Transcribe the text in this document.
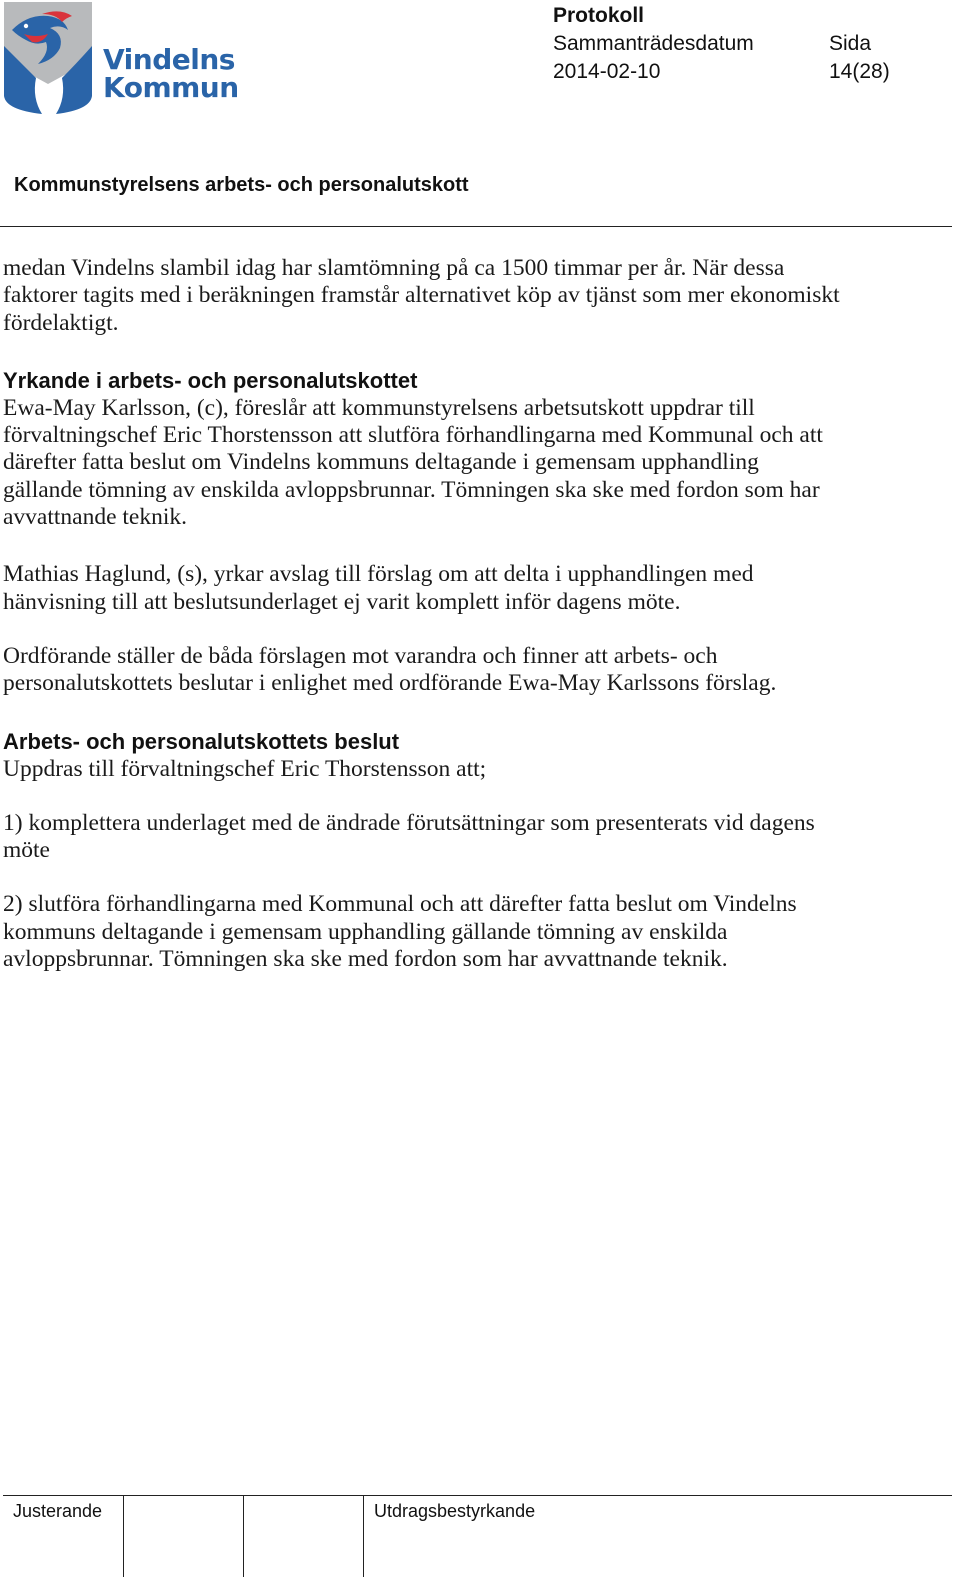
Vindelns
Kommun
Protokoll
Sammanträdesdatum
2014-02-10
Sida
14(28)
Kommunstyrelsens arbets- och personalutskott

medan Vindelns slambil idag har slamtömning på ca 1500 timmar per år. När dessa faktorer tagits med i beräkningen framstår alternativet köp av tjänst som mer ekonomiskt fördelaktigt.

Yrkande i arbets- och personalutskottet

Ewa-May Karlsson, (c), föreslår att kommunstyrelsens arbetsutskott uppdrar till förvaltningschef Eric Thorstensson att slutföra förhandlingarna med Kommunal och att därefter fatta beslut om Vindelns kommuns deltagande i gemensam upphandling gällande tömning av enskilda avloppsbrunnar. Tömningen ska ske med fordon som har avvattnande teknik.

Mathias Haglund, (s), yrkar avslag till förslag om att delta i upphandlingen med hänvisning till att beslutsunderlaget ej varit komplett inför dagens möte.

Ordförande ställer de båda förslagen mot varandra och finner att arbets- och personalutskottets beslutar i enlighet med ordförande Ewa-May Karlssons förslag.

Arbets- och personalutskottets beslut

Uppdras till förvaltningschef Eric Thorstensson att;

1) komplettera underlaget med de ändrade förutsättningar som presenterats vid dagens möte

2) slutföra förhandlingarna med Kommunal och att därefter fatta beslut om Vindelns kommuns deltagande i gemensam upphandling gällande tömning av enskilda avloppsbrunnar. Tömningen ska ske med fordon som har avvattnande teknik.

Justerande	Utdragsbestyrkande
